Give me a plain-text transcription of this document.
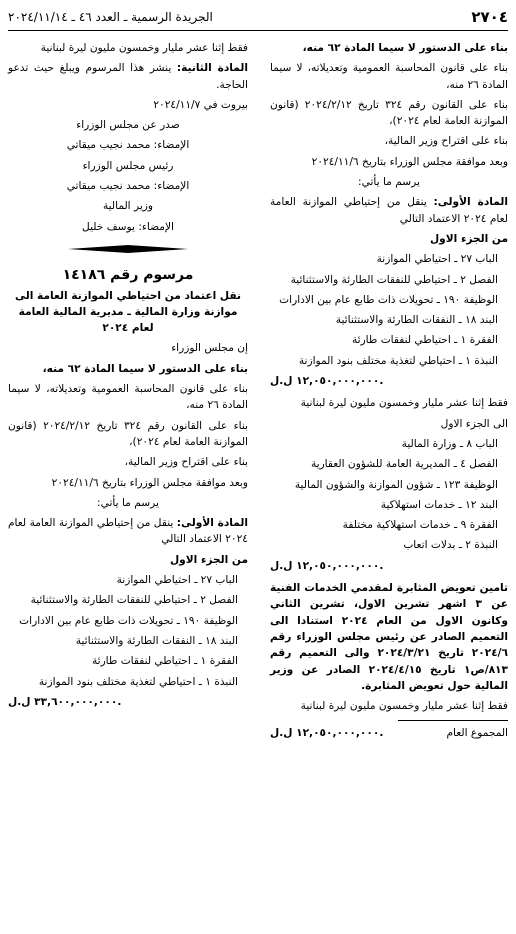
٢٧٠٤
الجريدة الرسمية ـ العدد ٤٦ ـ ٢٠٢٤/١١/١٤

بناء على الدستور لا سيما المادة ٦٢ منه،

بناء على قانون المحاسبة العمومية وتعديلاته، لا سيما المادة ٢٦ منه،

بناء على القانون رقم ٣٢٤ تاريخ ٢٠٢٤/٢/١٢ (قانون الموازنة العامة لعام ٢٠٢٤)،

بناء على اقتراح وزير المالية،

وبعد موافقة مجلس الوزراء بتاريخ ٢٠٢٤/١١/٦

يرسم ما يأتي:

المادة الأولى: ينقل من إحتياطي الموازنة العامة لعام ٢٠٢٤ الاعتماد التالي

من الجزء الاول

الباب ٢٧ ـ احتياطي الموازنة

الفصل ٢ ـ احتياطي للنفقات الطارئة والاستثنائية

الوظيفة ١٩٠ ـ تحويلات ذات طابع عام بين الادارات

البند ١٨ ـ النفقات الطارئة والاستثنائية

الفقرة ١ ـ احتياطي لنفقات طارئة

النبذة ١ ـ احتياطي لتغذية مختلف بنود الموازنة

١٢,٠٥٠,٠٠٠,٠٠٠ ل.ل.

فقط إثنا عشر مليار وخمسون مليون ليرة لبنانية

الى الجزء الاول

الباب ٨ ـ وزارة المالية

الفصل ٤ ـ المديرية العامة للشؤون العقارية

الوظيفة ١٢٣ ـ شؤون الموازنة والشؤون المالية

البند ١٢ ـ خدمات استهلاكية

الفقرة ٩ ـ خدمات استهلاكية مختلفة

النبذة ٢ ـ بدلات اتعاب

١٢,٠٥٠,٠٠٠,٠٠٠ ل.ل.

تامين تعويض المثابرة لمقدمي الخدمات الفنية عن ٣ اشهر تشرين الاول، تشرين الثاني وكانون الاول من العام ٢٠٢٤ استنادا الى التعميم الصادر عن رئيس مجلس الوزراء رقم ٢٠٢٤/٦ تاريخ ٢٠٢٤/٣/٢١ والى التعميم رقم ٨١٣/ص١ تاريخ ٢٠٢٤/٤/١٥ الصادر عن وزير المالية حول تعويض المثابرة.

فقط إثنا عشر مليار وخمسون مليون ليرة لبنانية

المجموع العام
١٢,٠٥٠,٠٠٠,٠٠٠ ل.ل.

فقط إثنا عشر مليار وخمسون مليون ليرة لبنانية

المادة الثانية: ينشر هذا المرسوم ويبلغ حيث تدعو الحاجة.

بيروت في ٢٠٢٤/١١/٧

صدر عن مجلس الوزراء

الإمضاء: محمد نجيب ميقاتي

رئيس مجلس الوزراء

الإمضاء: محمد نجيب ميقاتي

وزير المالية

الإمضاء: يوسف خليل

مرسوم رقم ١٤١٨٦

نقل اعتماد من احتياطي الموازنة العامة الى موازنة وزارة المالية ـ مديرية المالية العامة لعام ٢٠٢٤

إن مجلس الوزراء

بناء على الدستور لا سيما المادة ٦٢ منه،

بناء على قانون المحاسبة العمومية وتعديلاته، لا سيما المادة ٢٦ منه،

بناء على القانون رقم ٣٢٤ تاريخ ٢٠٢٤/٢/١٢ (قانون الموازنة العامة لعام ٢٠٢٤)،

بناء على اقتراح وزير المالية،

وبعد موافقة مجلس الوزراء بتاريخ ٢٠٢٤/١١/٦

يرسم ما يأتي:

المادة الأولى: ينقل من إحتياطي الموازنة العامة لعام ٢٠٢٤ الاعتماد التالي

من الجزء الاول

الباب ٢٧ ـ احتياطي الموازنة

الفصل ٢ ـ احتياطي للنفقات الطارئة والاستثنائية

الوظيفة ١٩٠ ـ تحويلات ذات طابع عام بين الادارات

البند ١٨ ـ النفقات الطارئة والاستثنائية

الفقرة ١ ـ احتياطي لنفقات طارئة

النبذة ١ ـ احتياطي لتغذية مختلف بنود الموازنة

٣٣,٦٠٠,٠٠٠,٠٠٠ ل.ل.
